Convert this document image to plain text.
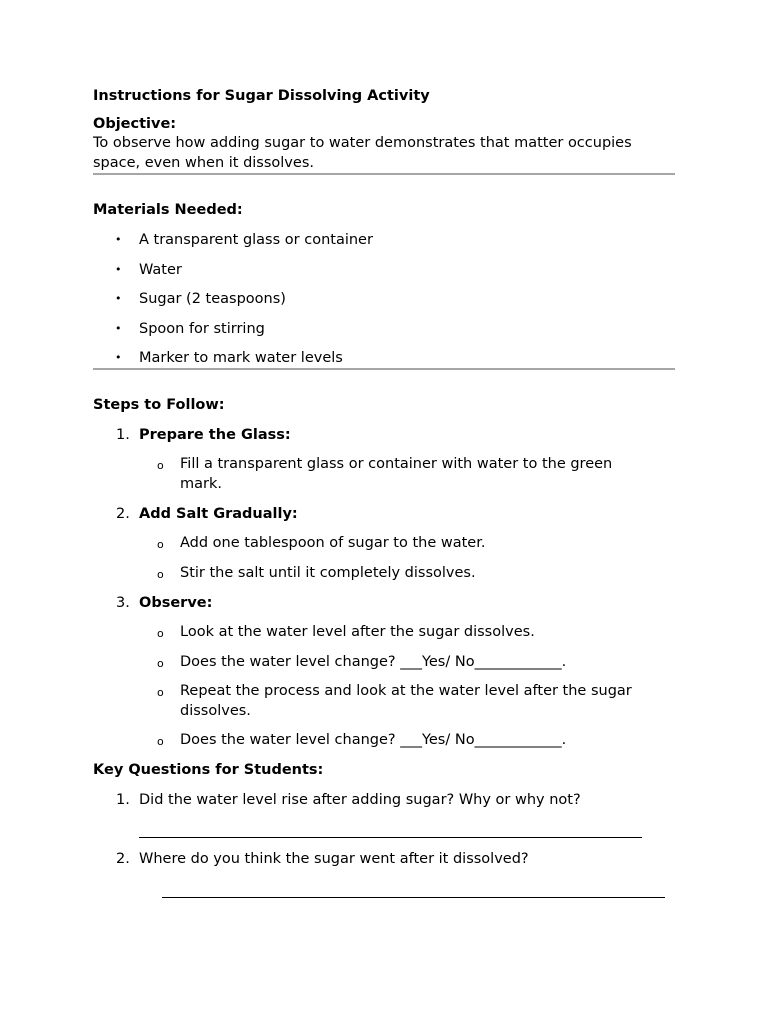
Instructions for Sugar Dissolving Activity
Objective:
To observe how adding sugar to water demonstrates that matter occupies
space, even when it dissolves.
Materials Needed:
• A transparent glass or container
• Water
• Sugar (2 teaspoons)
• Spoon for stirring
• Marker to mark water levels
Steps to Follow:
1. Prepare the Glass:
o Fill a transparent glass or container with water to the green
mark.
2. Add Salt Gradually:
o Add one tablespoon of sugar to the water.
o Stir the salt until it completely dissolves.
3. Observe:
o Look at the water level after the sugar dissolves.
o Does the water level change? ___Yes/ No____________.
o Repeat the process and look at the water level after the sugar
dissolves.
o Does the water level change? ___Yes/ No____________.
Key Questions for Students:
1. Did the water level rise after adding sugar? Why or why not?
2. Where do you think the sugar went after it dissolved?
